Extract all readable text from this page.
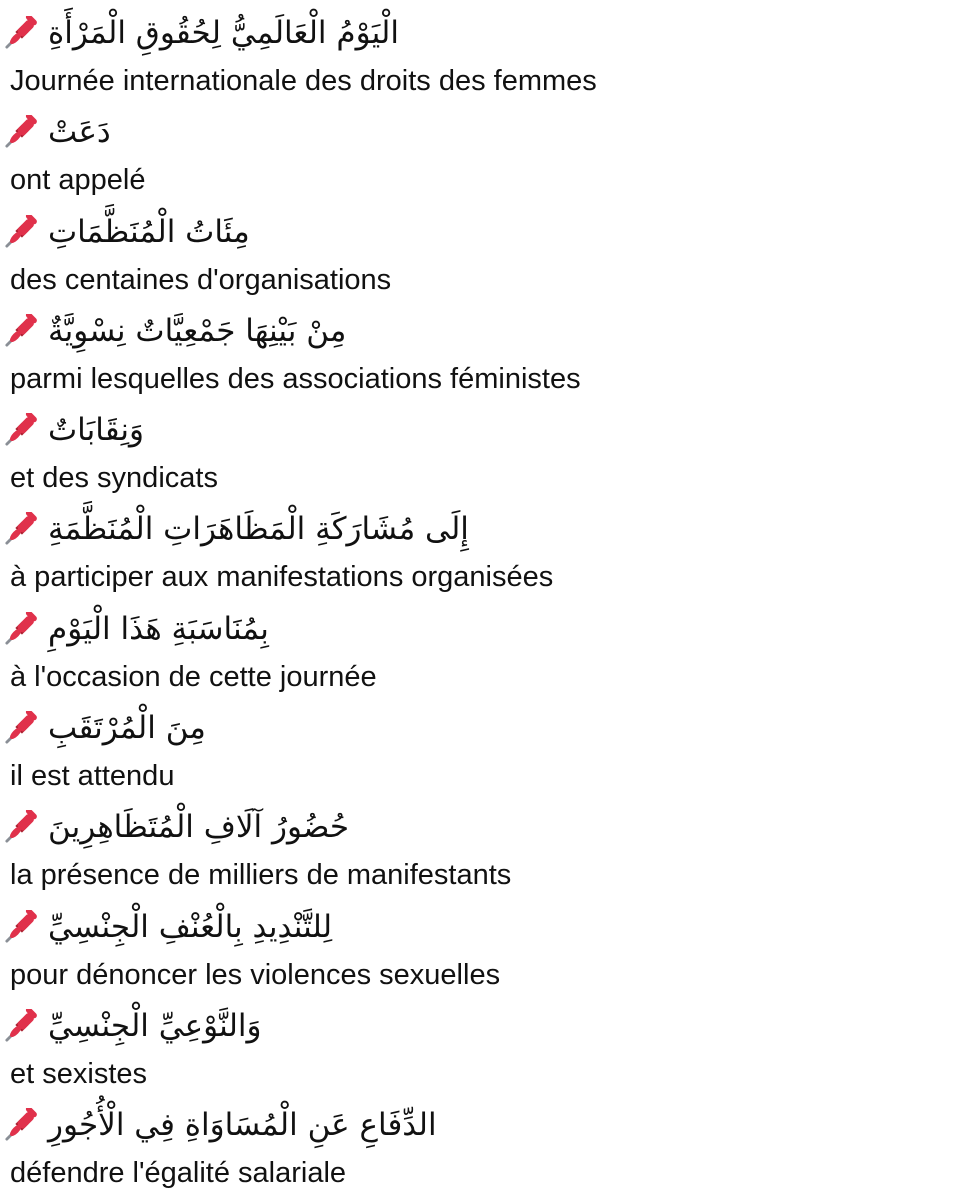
الْيَوْمُ الْعَالَمِيُّ لِحُقُوقِ الْمَرْأَةِ
Journée internationale des droits des femmes
دَعَتْ
ont appelé
مِئَاتُ الْمُنَظَّمَاتِ
des centaines d'organisations
مِنْ بَيْنِهَا جَمْعِيَّاتٌ نِسْوِيَّةٌ
parmi lesquelles des associations féministes
وَنِقَابَاتٌ
et des syndicats
إِلَى مُشَارَكَةِ الْمَظَاهَرَاتِ الْمُنَظَّمَةِ
à participer aux manifestations organisées
بِمُنَاسَبَةِ هَذَا الْيَوْمِ
à l'occasion de cette journée
مِنَ الْمُرْتَقَبِ
il est attendu
حُضُورُ آلَافِ الْمُتَظَاهِرِينَ
la présence de milliers de manifestants
لِلتَّنْدِيدِ بِالْعُنْفِ الْجِنْسِيِّ
pour dénoncer les violences sexuelles
وَالنَّوْعِيِّ الْجِنْسِيِّ
et sexistes
الدِّفَاعِ عَنِ الْمُسَاوَاةِ فِي الْأُجُورِ
défendre l'égalité salariale
